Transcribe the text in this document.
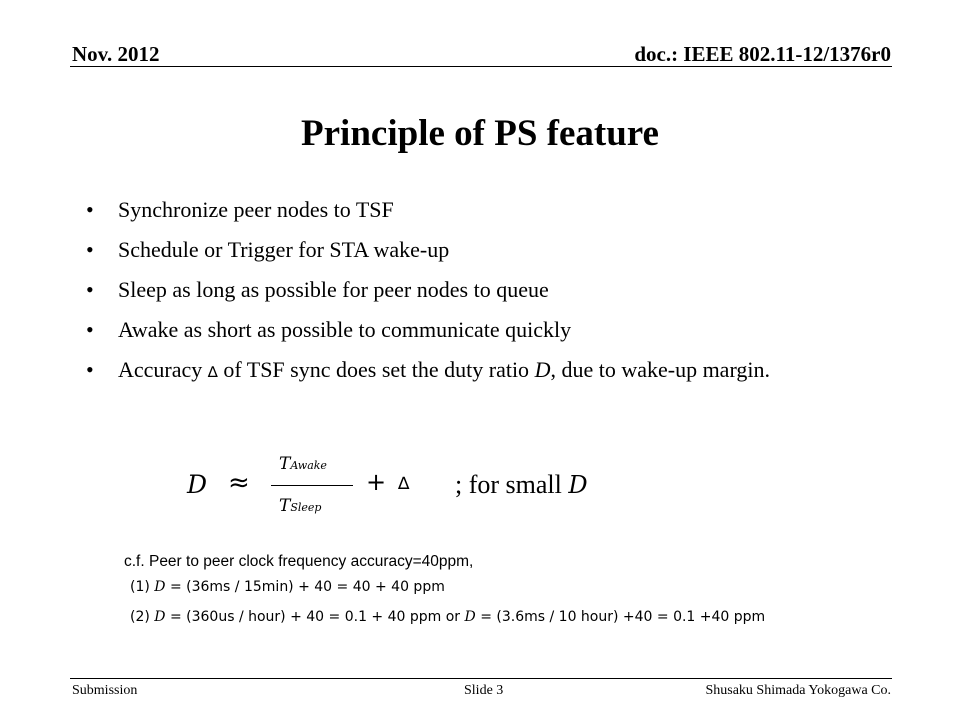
Nov. 2012	doc.: IEEE 802.11-12/1376r0
Principle of PS feature
• Synchronize peer nodes to TSF
• Schedule or Trigger for STA wake-up
• Sleep as long as possible for peer nodes to queue
• Awake as short as possible to communicate quickly
• Accuracy ∆ of TSF sync does set the duty ratio D, due to wake-up margin.
D ≈
TAwake
TSleep
+ ∆ ; for small D
c.f. Peer to peer clock frequency accuracy=40ppm,
(1) D = (36ms / 15min) + 40 = 40 + 40 ppm
(2) D = (360us / hour) + 40 = 0.1 + 40 ppm or D = (3.6ms / 10 hour) +40 = 0.1 +40 ppm
Submission	Slide 3	Shusaku Shimada Yokogawa Co.
